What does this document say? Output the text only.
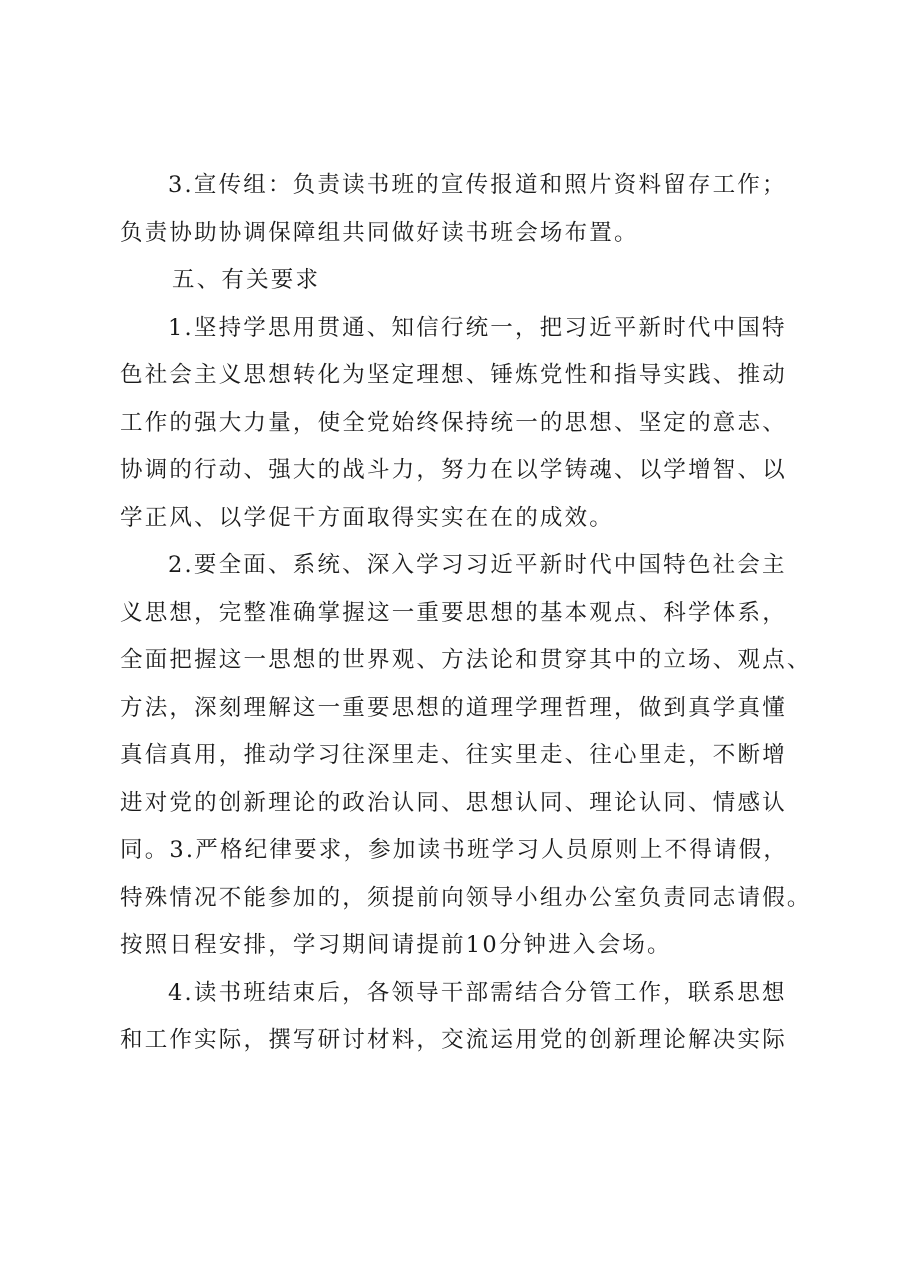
3.宣传组：负责读书班的宣传报道和照片资料留存工作；
负责协助协调保障组共同做好读书班会场布置。
五、有关要求
1.坚持学思用贯通、知信行统一，把习近平新时代中国特
色社会主义思想转化为坚定理想、锤炼党性和指导实践、推动
工作的强大力量，使全党始终保持统一的思想、坚定的意志、
协调的行动、强大的战斗力，努力在以学铸魂、以学增智、以
学正风、以学促干方面取得实实在在的成效。
2.要全面、系统、深入学习习近平新时代中国特色社会主
义思想，完整准确掌握这一重要思想的基本观点、科学体系，
全面把握这一思想的世界观、方法论和贯穿其中的立场、观点、
方法，深刻理解这一重要思想的道理学理哲理，做到真学真懂
真信真用，推动学习往深里走、往实里走、往心里走，不断增
进对党的创新理论的政治认同、思想认同、理论认同、情感认
同。3.严格纪律要求，参加读书班学习人员原则上不得请假，
特殊情况不能参加的，须提前向领导小组办公室负责同志请假。
按照日程安排，学习期间请提前10分钟进入会场。
4.读书班结束后，各领导干部需结合分管工作，联系思想
和工作实际，撰写研讨材料，交流运用党的创新理论解决实际
